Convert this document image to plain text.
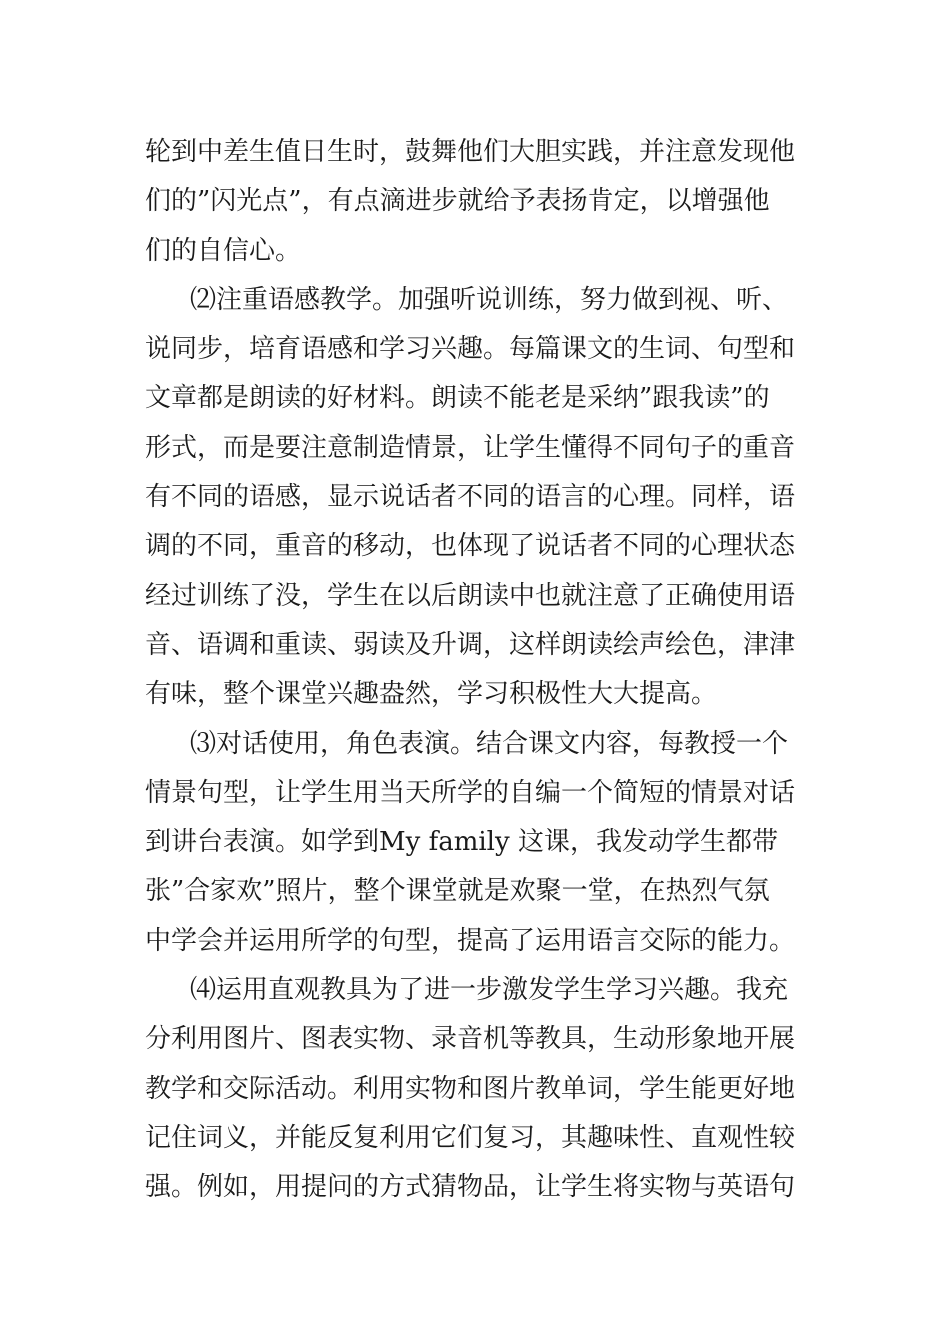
轮到中差生值日生时，鼓舞他们大胆实践，并注意发现他
们的”闪光点”，有点滴进步就给予表扬肯定，以增强他
们的自信心。
⑵注重语感教学。加强听说训练，努力做到视、听、
说同步，培育语感和学习兴趣。每篇课文的生词、句型和
文章都是朗读的好材料。朗读不能老是采纳”跟我读”的
形式，而是要注意制造情景，让学生懂得不同句子的重音
有不同的语感，显示说话者不同的语言的心理。同样，语
调的不同，重音的移动，也体现了说话者不同的心理状态
经过训练了没，学生在以后朗读中也就注意了正确使用语
音、语调和重读、弱读及升调，这样朗读绘声绘色，津津
有味，整个课堂兴趣盎然，学习积极性大大提高。
⑶对话使用，角色表演。结合课文内容，每教授一个
情景句型，让学生用当天所学的自编一个简短的情景对话
到讲台表演。如学到My family 这课，我发动学生都带
张”合家欢”照片，整个课堂就是欢聚一堂，在热烈气氛
中学会并运用所学的句型，提高了运用语言交际的能力。
⑷运用直观教具为了进一步激发学生学习兴趣。我充
分利用图片、图表实物、录音机等教具，生动形象地开展
教学和交际活动。利用实物和图片教单词，学生能更好地
记住词义，并能反复利用它们复习，其趣味性、直观性较
强。例如，用提问的方式猜物品，让学生将实物与英语句
